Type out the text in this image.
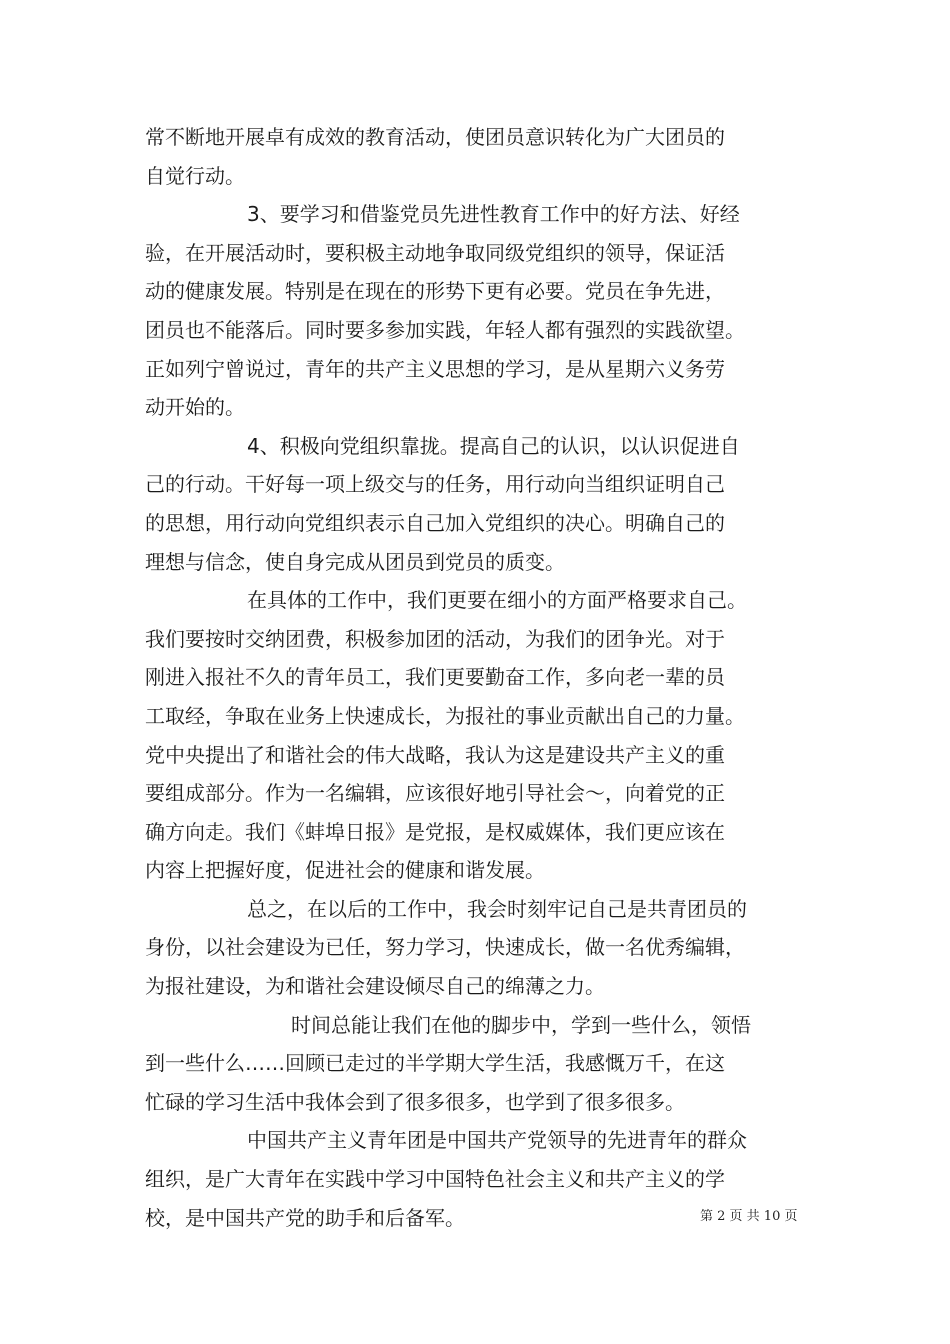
常不断地开展卓有成效的教育活动，使团员意识转化为广大团员的
自觉行动。
3、要学习和借鉴党员先进性教育工作中的好方法、好经
验，在开展活动时，要积极主动地争取同级党组织的领导，保证活
动的健康发展。特别是在现在的形势下更有必要。党员在争先进，
团员也不能落后。同时要多参加实践，年轻人都有强烈的实践欲望。
正如列宁曾说过，青年的共产主义思想的学习，是从星期六义务劳
动开始的。
4、积极向党组织靠拢。提高自己的认识，以认识促进自
己的行动。干好每一项上级交与的任务，用行动向当组织证明自己
的思想，用行动向党组织表示自己加入党组织的决心。明确自己的
理想与信念，使自身完成从团员到党员的质变。
在具体的工作中，我们更要在细小的方面严格要求自己。
我们要按时交纳团费，积极参加团的活动，为我们的团争光。对于
刚进入报社不久的青年员工，我们更要勤奋工作，多向老一辈的员
工取经，争取在业务上快速成长，为报社的事业贡献出自己的力量。
党中央提出了和谐社会的伟大战略，我认为这是建设共产主义的重
要组成部分。作为一名编辑，应该很好地引导社会～，向着党的正
确方向走。我们《蚌埠日报》是党报，是权威媒体，我们更应该在
内容上把握好度，促进社会的健康和谐发展。
总之，在以后的工作中，我会时刻牢记自己是共青团员的
身份，以社会建设为已任，努力学习，快速成长，做一名优秀编辑，
为报社建设，为和谐社会建设倾尽自己的绵薄之力。
时间总能让我们在他的脚步中，学到一些什么，领悟
到一些什么……回顾已走过的半学期大学生活，我感慨万千，在这
忙碌的学习生活中我体会到了很多很多，也学到了很多很多。
中国共产主义青年团是中国共产党领导的先进青年的群众
组织，是广大青年在实践中学习中国特色社会主义和共产主义的学
校，是中国共产党的助手和后备军。	第 2 页 共 10 页
